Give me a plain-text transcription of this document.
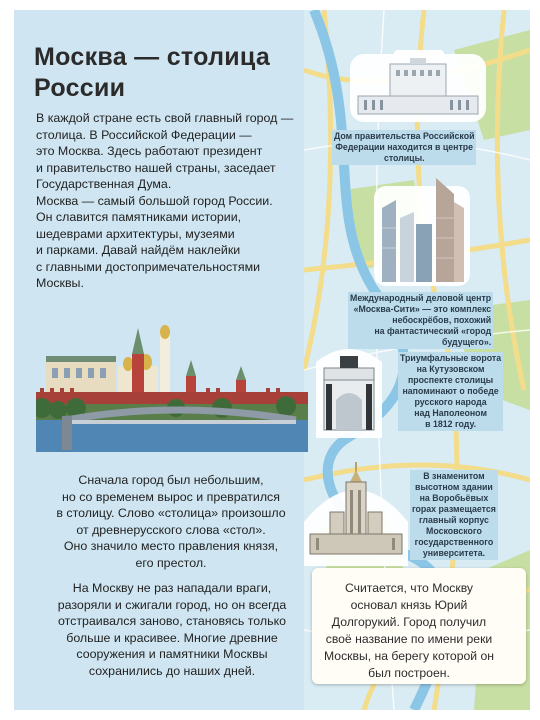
Москва — столица
России
В каждой стране есть свой главный город —
столица. В Российской Федерации —
это Москва. Здесь работают президент
и правительство нашей страны, заседает
Государственная Дума.
Москва — самый большой город России.
Он славится памятниками истории,
шедеврами архитектуры, музеями
и парками. Давай найдём наклейки
с главными достопримечательностями
Москвы.
Сначала город был небольшим,
но со временем вырос и превратился
в столицу. Слово «столица» произошло
от древнерусского слова «стол».
Оно значило место правления князя,
его престол.
На Москву не раз нападали враги,
разоряли и сжигали город, но он всегда
отстраивался заново, становясь только
больше и красивее. Многие древние
сооружения и памятники Москвы
сохранились до наших дней.
Дом правительства Российской
Федерации находится в центре
столицы.
Международный деловой центр
«Москва-Сити» — это комплекс
небоскрёбов, похожий
на фантастический «город
будущего».
Триумфальные ворота
на Кутузовском
проспекте столицы
напоминают о победе
русского народа
над Наполеоном
в 1812 году.
В знаменитом
высотном здании
на Воробьёвых
горах размещается
главный корпус
Московского
государственного
университета.
Считается, что Москву
основал князь Юрий
Долгорукий. Город получил
своё название по имени реки
Москвы, на берегу которой он
был построен.
